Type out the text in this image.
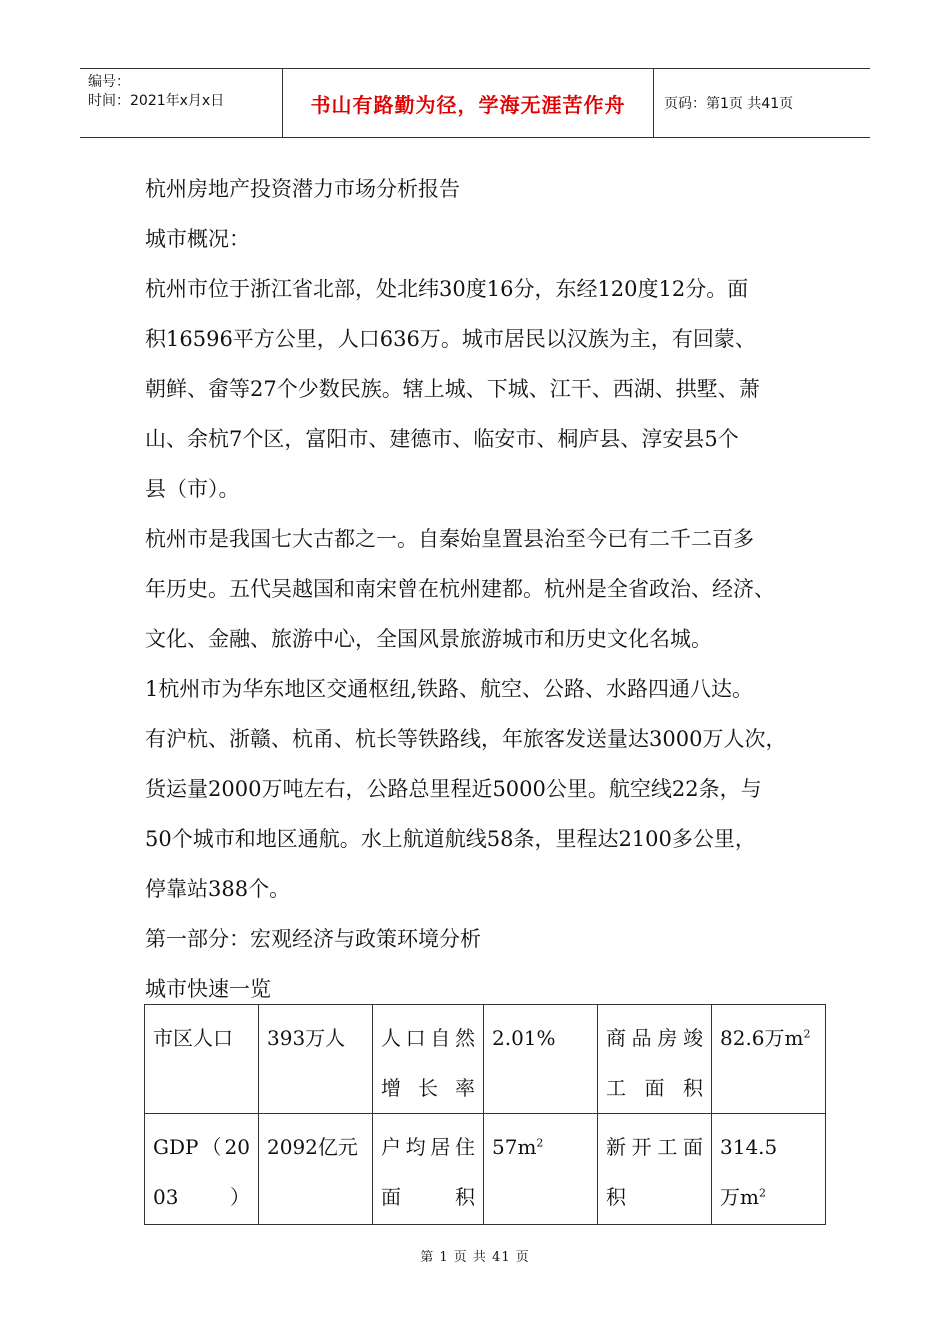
编号：
时间：2021年x月x日	书山有路勤为径，学海无涯苦作舟	页码：第1页 共41页

杭州房地产投资潜力市场分析报告

城市概况：

杭州市位于浙江省北部，处北纬30度16分，东经120度12分。面

积16596平方公里，人口636万。城市居民以汉族为主，有回蒙、

朝鲜、畲等27个少数民族。辖上城、下城、江干、西湖、拱墅、萧

山、余杭7个区，富阳市、建德市、临安市、桐庐县、淳安县5个

县（市）。

杭州市是我国七大古都之一。自秦始皇置县治至今已有二千二百多

年历史。五代吴越国和南宋曾在杭州建都。杭州是全省政治、经济、

文化、金融、旅游中心，全国风景旅游城市和历史文化名城。

1杭州市为华东地区交通枢纽,铁路、航空、公路、水路四通八达。

有沪杭、浙赣、杭甬、杭长等铁路线，年旅客发送量达3000万人次，

货运量2000万吨左右，公路总里程近5000公里。航空线22条，与

50个城市和地区通航。水上航道航线58条，里程达2100多公里，

停靠站388个。

第一部分：宏观经济与政策环境分析

城市快速一览

市区人口	393万人	人口自然增长率	2.01%	商品房竣工面积	82.6万$m^2$
GDP（2003）	2092亿元	户均居住面积	$57m^2$	新开工面积	314.5　万$m^2$
第 1 页 共 41 页
